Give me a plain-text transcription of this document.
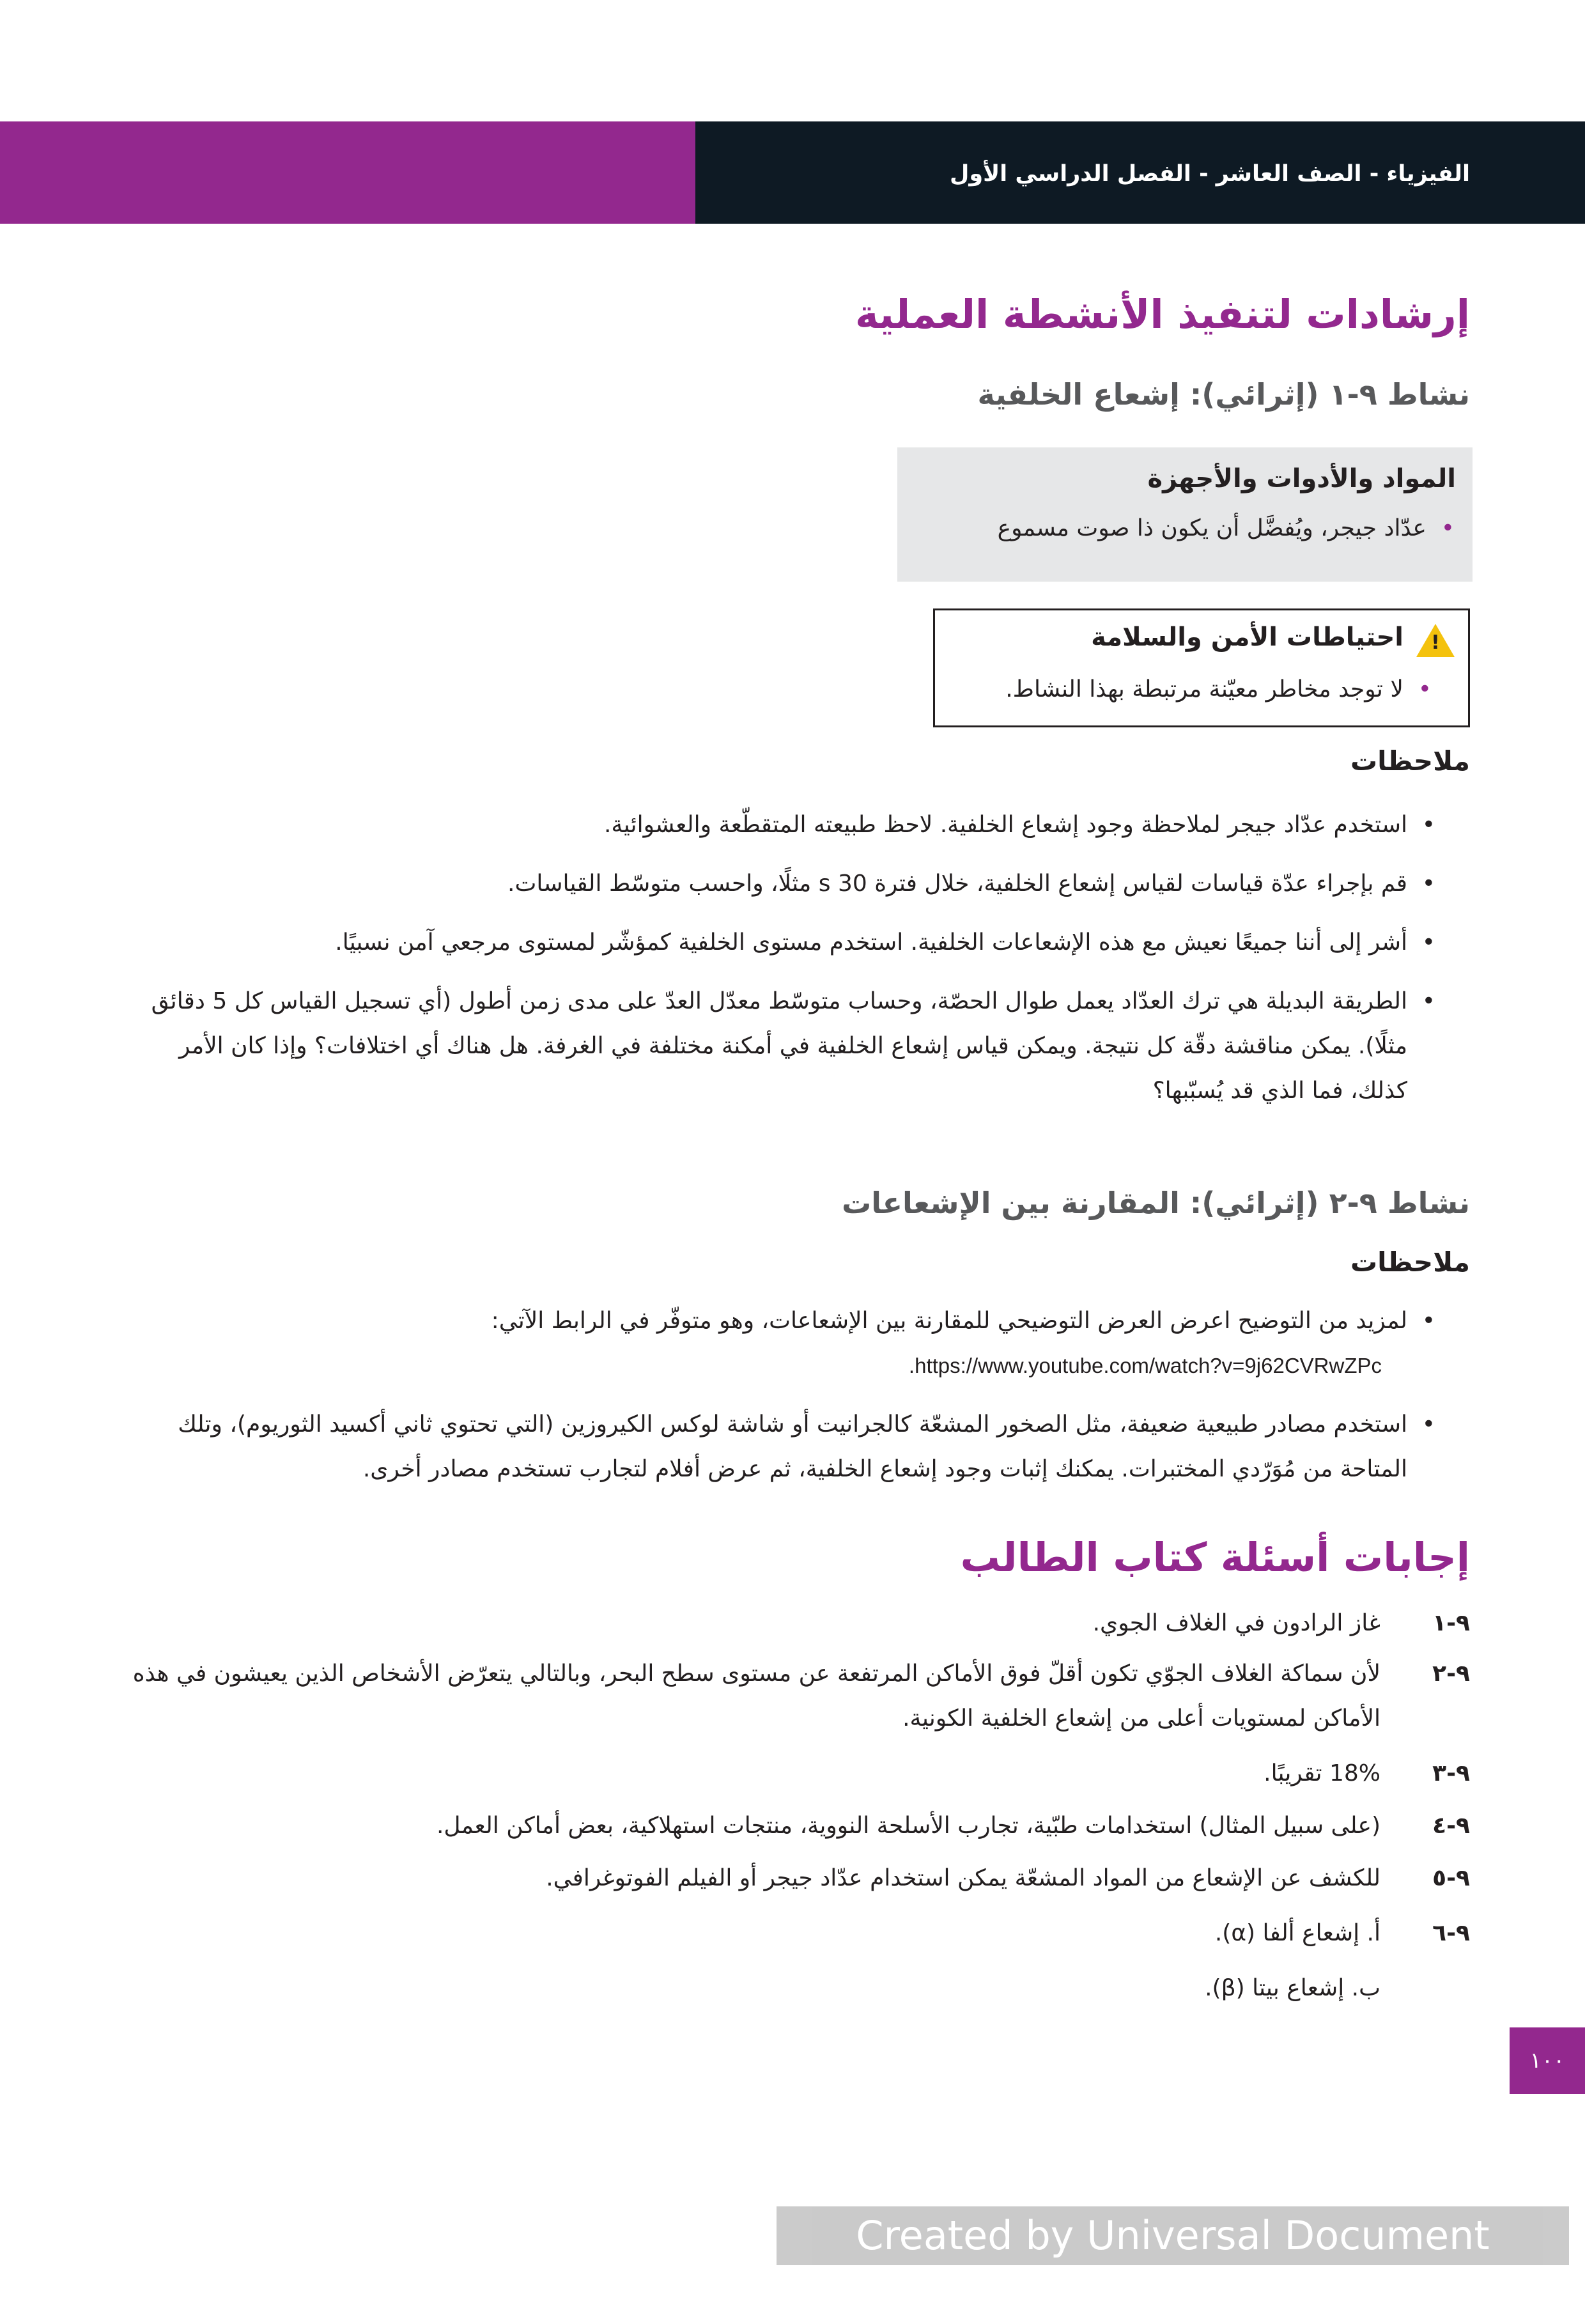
الفيزياء - الصف العاشر - الفصل الدراسي الأول
إرشادات لتنفيذ الأنشطة العملية
نشاط ٩-١ (إثرائي): إشعاع الخلفية
المواد والأدوات والأجهزة
•  عدّاد جيجر، ويُفضَّل أن يكون ذا صوت مسموع
!
احتياطات الأمن والسلامة
•  لا توجد مخاطر معيّنة مرتبطة بهذا النشاط.
ملاحظات
• استخدم عدّاد جيجر لملاحظة وجود إشعاع الخلفية. لاحظ طبيعته المتقطّعة والعشوائية.
• قم بإجراء عدّة قياسات لقياس إشعاع الخلفية، خلال فترة 30 s مثلًا، واحسب متوسّط القياسات.
• أشر إلى أننا جميعًا نعيش مع هذه الإشعاعات الخلفية. استخدم مستوى الخلفية كمؤشّر لمستوى مرجعي آمن نسبيًا.
• الطريقة البديلة هي ترك العدّاد يعمل طوال الحصّة، وحساب متوسّط معدّل العدّ على مدى زمن أطول (أي تسجيل القياس كل 5 دقائق مثلًا). يمكن مناقشة دقّة كل نتيجة. ويمكن قياس إشعاع الخلفية في أمكنة مختلفة في الغرفة. هل هناك أي اختلافات؟ وإذا كان الأمر كذلك، فما الذي قد يُسبّبها؟
نشاط ٩-٢ (إثرائي): المقارنة بين الإشعاعات
ملاحظات
• لمزيد من التوضيح اعرض العرض التوضيحي للمقارنة بين الإشعاعات، وهو متوفّر في الرابط الآتي:
.https://www.youtube.com/watch?v=9j62CVRwZPc
• استخدم مصادر طبيعية ضعيفة، مثل الصخور المشعّة كالجرانيت أو شاشة لوكس الكيروزين (التي تحتوي ثاني أكسيد الثوريوم)، وتلك المتاحة من مُوَرّدي المختبرات. يمكنك إثبات وجود إشعاع الخلفية، ثم عرض أفلام لتجارب تستخدم مصادر أخرى.
إجابات أسئلة كتاب الطالب
٩-١
غاز الرادون في الغلاف الجوي.
٩-٢
لأن سماكة الغلاف الجوّي تكون أقلّ فوق الأماكن المرتفعة عن مستوى سطح البحر، وبالتالي يتعرّض الأشخاص الذين يعيشون في هذه الأماكن لمستويات أعلى من إشعاع الخلفية الكونية.
٩-٣
18% تقريبًا.
٩-٤
(على سبيل المثال) استخدامات طبّية، تجارب الأسلحة النووية، منتجات استهلاكية، بعض أماكن العمل.
٩-٥
للكشف عن الإشعاع من المواد المشعّة يمكن استخدام عدّاد جيجر أو الفيلم الفوتوغرافي.
٩-٦
أ. إشعاع ألفا (α).
ب. إشعاع بيتا (β).
١٠٠
Created by Universal Document Converter
